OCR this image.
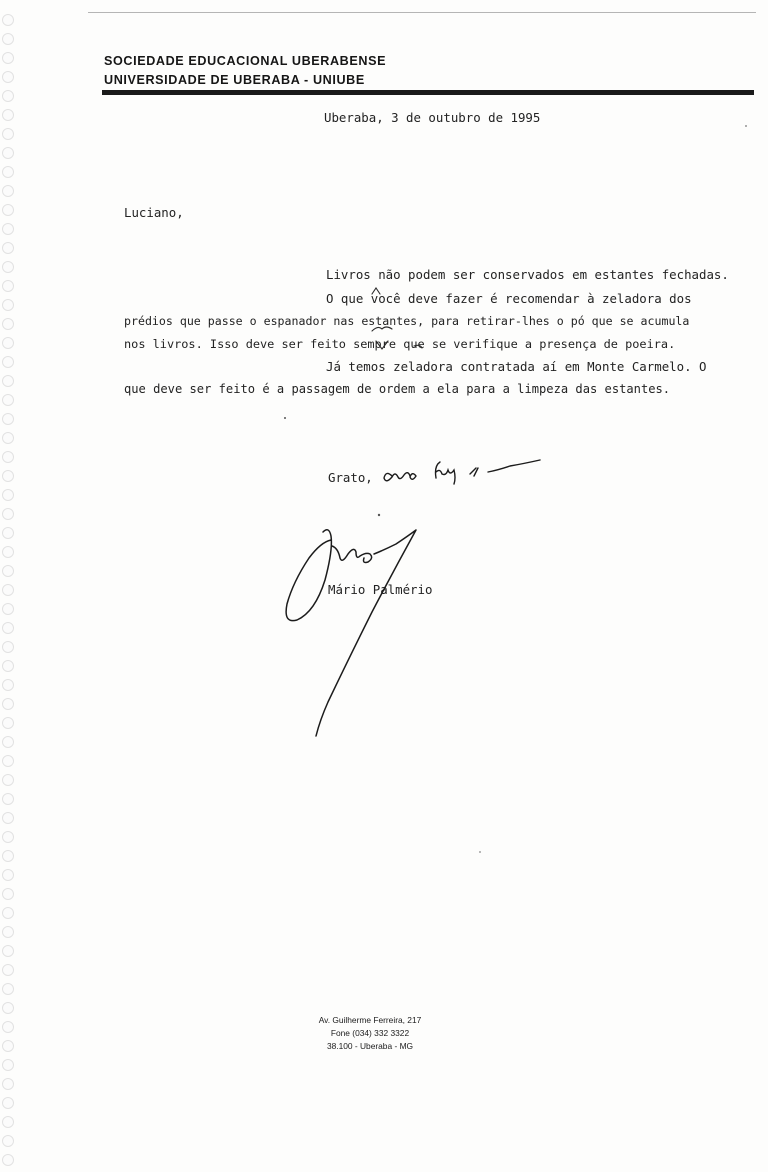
SOCIEDADE EDUCACIONAL UBERABENSE
UNIVERSIDADE DE UBERABA - UNIUBE
Uberaba, 3 de outubro de 1995
Luciano,
Livros não podem ser conservados em estantes fechadas.
O que você deve fazer é recomendar à zeladora dos
prédios que passe o espanador nas estantes, para retirar-lhes o pó que se acumula
nos livros. Isso deve ser feito sempre que se verifique a presença de poeira.
Já temos zeladora contratada aí em Monte Carmelo. O
que deve ser feito é a passagem de ordem a ela para a limpeza das estantes.
Grato,
Mário Palmério
Av. Guilherme Ferreira, 217
Fone (034) 332 3322
38.100 - Uberaba - MG
